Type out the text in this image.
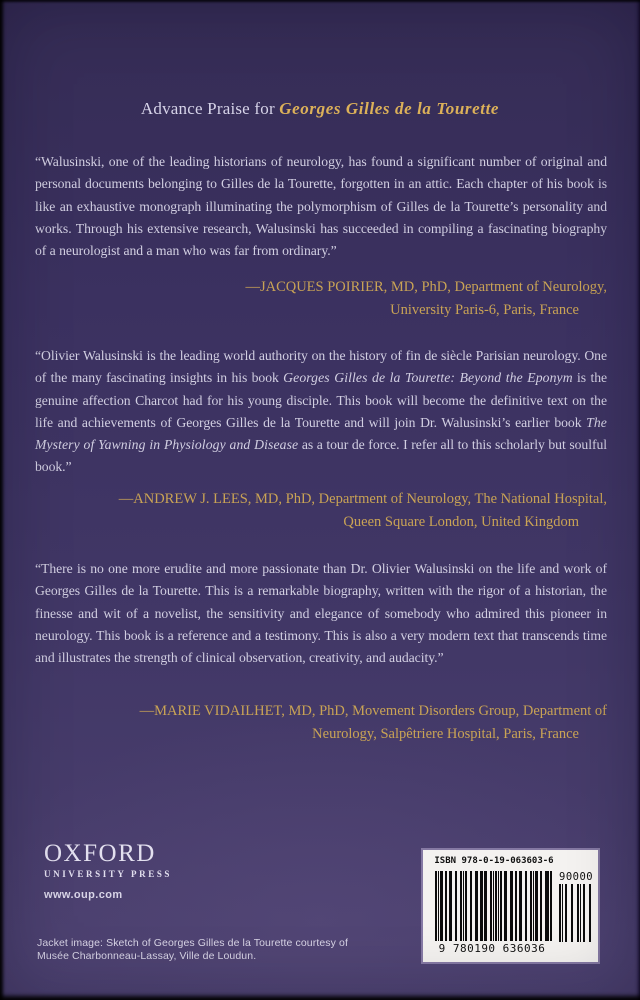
Advance Praise for Georges Gilles de la Tourette
“Walusinski, one of the leading historians of neurology, has found a significant number of original and personal documents belonging to Gilles de la Tourette, forgotten in an attic. Each chapter of his book is like an exhaustive monograph illuminating the polymorphism of Gilles de la Tourette’s personality and works. Through his extensive research, Walusinski has succeeded in compiling a fascinating biography of a neurologist and a man who was far from ordinary.”
—JACQUES POIRIER, MD, PhD, Department of Neurology,
University Paris-6, Paris, France
“Olivier Walusinski is the leading world authority on the history of fin de siècle Parisian neurology. One of the many fascinating insights in his book Georges Gilles de la Tourette: Beyond the Eponym is the genuine affection Charcot had for his young disciple. This book will become the definitive text on the life and achievements of Georges Gilles de la Tourette and will join Dr. Walusinski’s earlier book The Mystery of Yawning in Physiology and Disease as a tour de force. I refer all to this scholarly but soulful book.”
—ANDREW J. LEES, MD, PhD, Department of Neurology, The National Hospital,
Queen Square London, United Kingdom
“There is no one more erudite and more passionate than Dr. Olivier Walusinski on the life and work of Georges Gilles de la Tourette. This is a remarkable biography, written with the rigor of a historian, the finesse and wit of a novelist, the sensitivity and elegance of somebody who admired this pioneer in neurology. This book is a reference and a testimony. This is also a very modern text that transcends time and illustrates the strength of clinical observation, creativity, and audacity.”
—MARIE VIDAILHET, MD, PhD, Movement Disorders Group, Department of
Neurology, Salpêtriere Hospital, Paris, France
OXFORD
UNIVERSITY PRESS
www.oup.com
Jacket image: Sketch of Georges Gilles de la Tourette courtesy of
Musée Charbonneau-Lassay, Ville de Loudun.
ISBN 978-0-19-063603-6
9 780190 636036
90000
